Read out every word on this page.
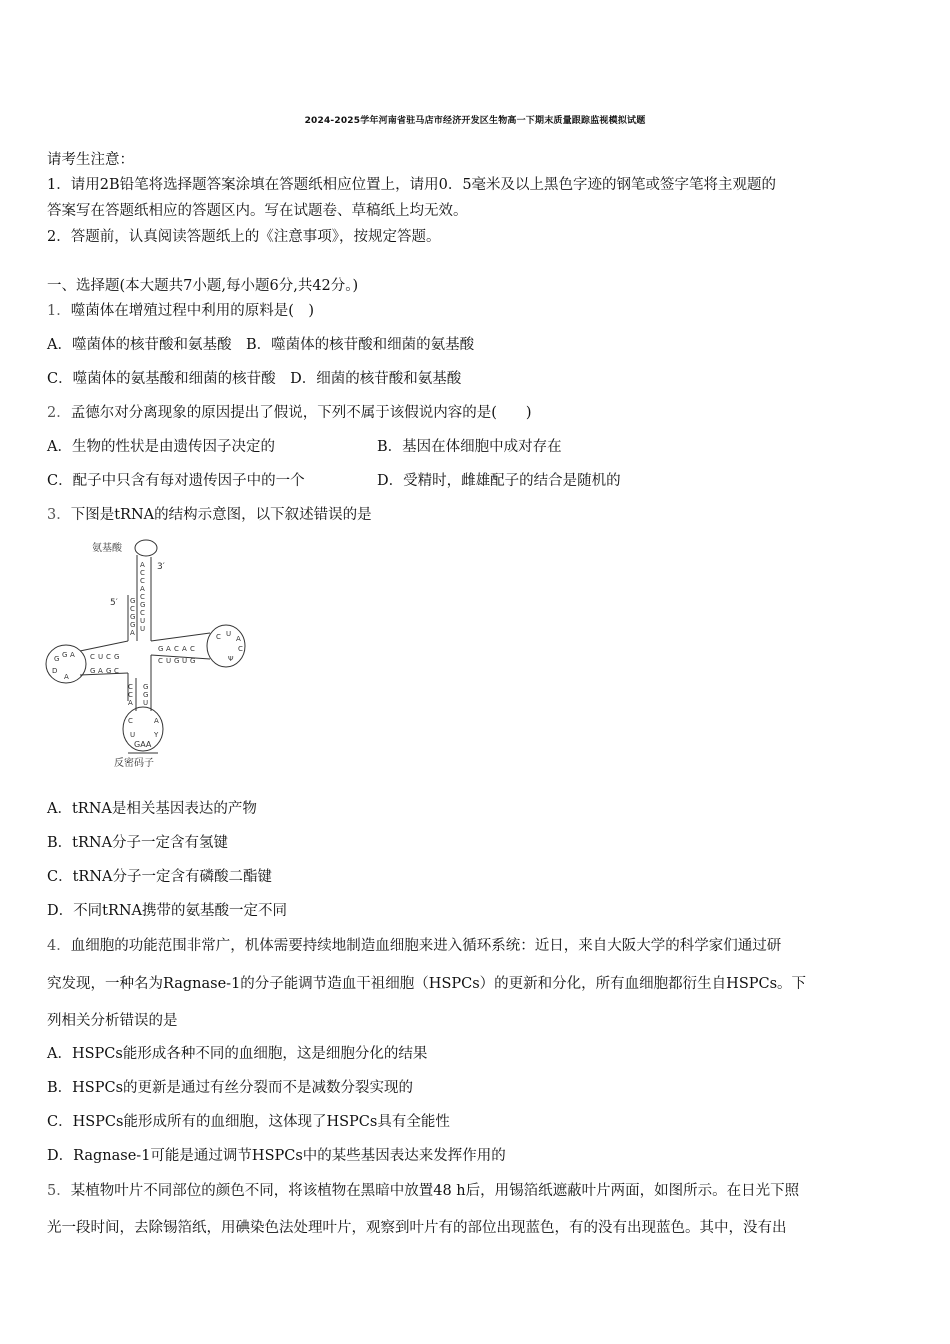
2024-2025学年河南省驻马店市经济开发区生物高一下期末质量跟踪监视模拟试题
请考生注意：
1．请用2B铅笔将选择题答案涂填在答题纸相应位置上，请用0．5毫米及以上黑色字迹的钢笔或签字笔将主观题的
答案写在答题纸相应的答题区内。写在试题卷、草稿纸上均无效。
2．答题前，认真阅读答题纸上的《注意事项》，按规定答题。
一、选择题(本大题共7小题,每小题6分,共42分。)
1．噬菌体在增殖过程中利用的原料是(　)
A．噬菌体的核苷酸和氨基酸　 B．噬菌体的核苷酸和细菌的氨基酸
C．噬菌体的氨基酸和细菌的核苷酸　 D．细菌的核苷酸和氨基酸
2．孟德尔对分离现象的原因提出了假说，下列不属于该假说内容的是(　　)
A．生物的性状是由遗传因子决定的	B．基因在体细胞中成对存在
C．配子中只含有每对遗传因子中的一个	D．受精时，雌雄配子的结合是随机的
3．下图是tRNA的结构示意图，以下叙述错误的是
A
C
C
A
C
G
C
U
U
G
C
G
G
A
G A C A C
C U G U G
C U
A
C
Ψ
C U C G
G A G C
G G A
D
A
C
C
A
G
G
U
C	A
U	Y
氨基酸
3′
5′
GAA
反密码子
A．tRNA是相关基因表达的产物
B．tRNA分子一定含有氢键
C．tRNA分子一定含有磷酸二酯键
D．不同tRNA携带的氨基酸一定不同
4．血细胞的功能范围非常广，机体需要持续地制造血细胞来进入循环系统：近日，来自大阪大学的科学家们通过研
究发现，一种名为Ragnase-1的分子能调节造血干祖细胞（HSPCs）的更新和分化，所有血细胞都衍生自HSPCs。下
列相关分析错误的是
A．HSPCs能形成各种不同的血细胞，这是细胞分化的结果
B．HSPCs的更新是通过有丝分裂而不是减数分裂实现的
C．HSPCs能形成所有的血细胞，这体现了HSPCs具有全能性
D．Ragnase-1可能是通过调节HSPCs中的某些基因表达来发挥作用的
5．某植物叶片不同部位的颜色不同，将该植物在黑暗中放置48 h后，用锡箔纸遮蔽叶片两面，如图所示。在日光下照
光一段时间，去除锡箔纸，用碘染色法处理叶片，观察到叶片有的部位出现蓝色，有的没有出现蓝色。其中，没有出
